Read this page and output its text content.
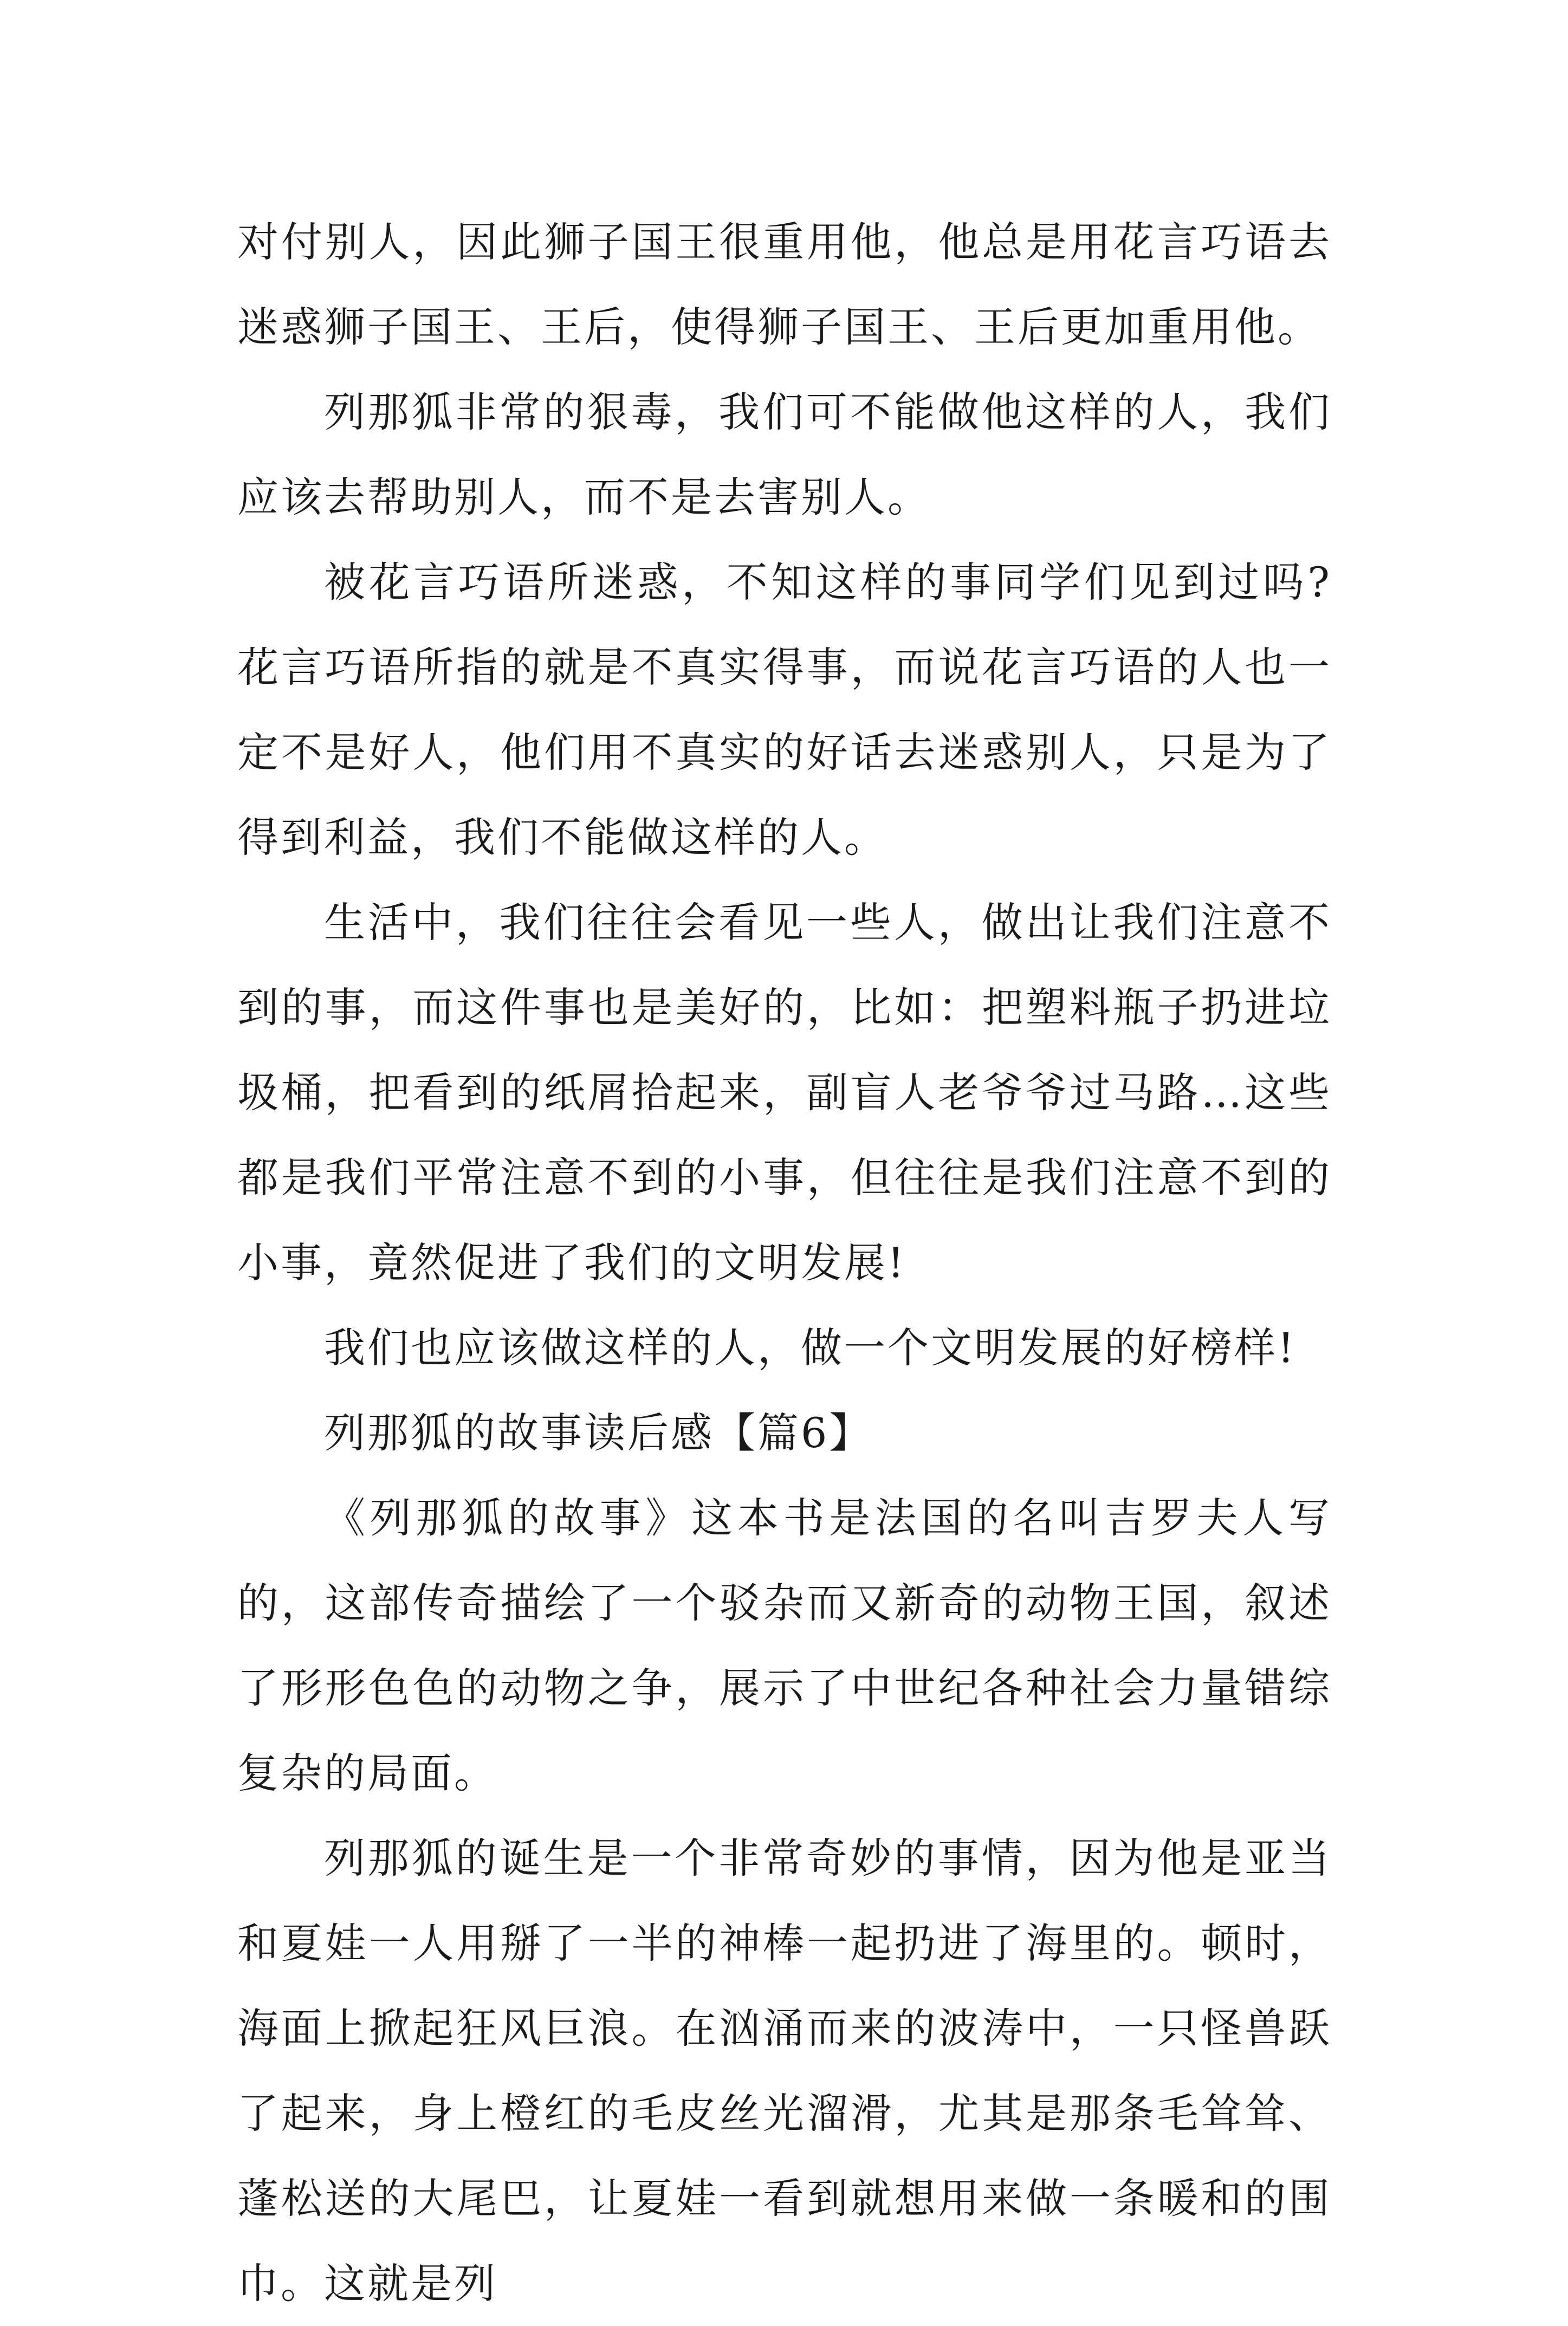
对付别人，因此狮子国王很重用他，他总是用花言巧语去迷惑狮子国王、王后，使得狮子国王、王后更加重用他。

列那狐非常的狠毒，我们可不能做他这样的人，我们应该去帮助别人，而不是去害别人。

被花言巧语所迷惑，不知这样的事同学们见到过吗?花言巧语所指的就是不真实得事，而说花言巧语的人也一定不是好人，他们用不真实的好话去迷惑别人，只是为了得到利益，我们不能做这样的人。

生活中，我们往往会看见一些人，做出让我们注意不到的事，而这件事也是美好的，比如：把塑料瓶子扔进垃圾桶，把看到的纸屑拾起来，副盲人老爷爷过马路…这些都是我们平常注意不到的小事，但往往是我们注意不到的小事，竟然促进了我们的文明发展!

我们也应该做这样的人，做一个文明发展的好榜样!

列那狐的故事读后感【篇6】

《列那狐的故事》这本书是法国的名叫吉罗夫人写的，这部传奇描绘了一个驳杂而又新奇的动物王国，叙述了形形色色的动物之争，展示了中世纪各种社会力量错综复杂的局面。

列那狐的诞生是一个非常奇妙的事情，因为他是亚当和夏娃一人用掰了一半的神棒一起扔进了海里的。顿时，海面上掀起狂风巨浪。在汹涌而来的波涛中，一只怪兽跃了起来，身上橙红的毛皮丝光溜滑，尤其是那条毛耸耸、蓬松送的大尾巴，让夏娃一看到就想用来做一条暖和的围巾。这就是列
